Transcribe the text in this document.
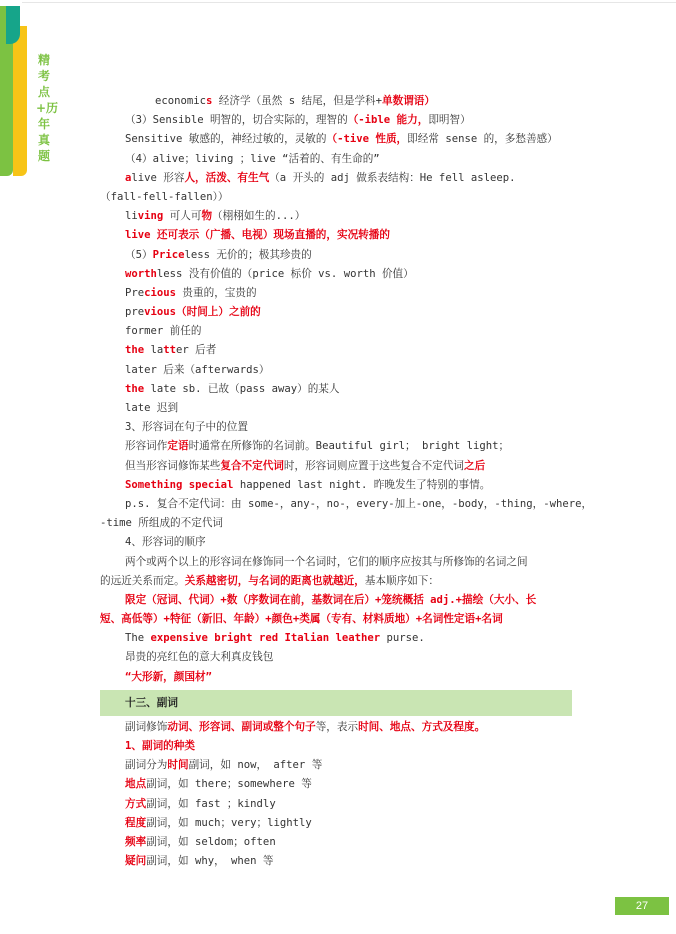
精考点+历年真题
economics 经济学（虽然 s 结尾，但是学科+单数谓语）
（3）Sensible 明智的，切合实际的，理智的（-ible 能力，即明智）
Sensitive 敏感的，神经过敏的，灵敏的（-tive 性质，即经常 sense 的，多愁善感）
（4）alive；living ；live “活着的、有生命的”
alive 形容人，活泼、有生气（a 开头的 adj 做系表结构：He fell asleep.
（fall-fell-fallen））
living 可人可物（栩栩如生的...）
live 还可表示（广播、电视）现场直播的，实况转播的
（5）Priceless 无价的；极其珍贵的
worthless 没有价值的（price 标价 vs. worth 价值）
Precious 贵重的，宝贵的
previous（时间上）之前的
former 前任的
the latter 后者
later 后来（afterwards）
the late sb. 已故（pass away）的某人
late 迟到
3、形容词在句子中的位置
形容词作定语时通常在所修饰的名词前。Beautiful girl； bright light；
但当形容词修饰某些复合不定代词时，形容词则应置于这些复合不定代词之后
Something special happened last night. 昨晚发生了特别的事情。
p.s. 复合不定代词：由 some-，any-，no-，every-加上-one，-body，-thing，-where，
-time 所组成的不定代词
4、形容词的顺序
两个或两个以上的形容词在修饰同一个名词时，它们的顺序应按其与所修饰的名词之间
的远近关系而定。关系越密切，与名词的距离也就越近，基本顺序如下：
限定（冠词、代词）+数（序数词在前，基数词在后）+笼统概括 adj.+描绘（大小、长
短、高低等）+特征（新旧、年龄）+颜色+类属（专有、材料质地）+名词性定语+名词
The expensive bright red Italian leather purse.
昂贵的亮红色的意大利真皮钱包
“大形新，颜国材”
十三、副词
副词修饰动词、形容词、副词或整个句子等，表示时间、地点、方式及程度。
1、副词的种类
副词分为时间副词，如 now， after 等
地点副词，如 there；somewhere 等
方式副词，如 fast ；kindly
程度副词，如 much；very；lightly
频率副词，如 seldom；often
疑问副词，如 why， when 等
27
